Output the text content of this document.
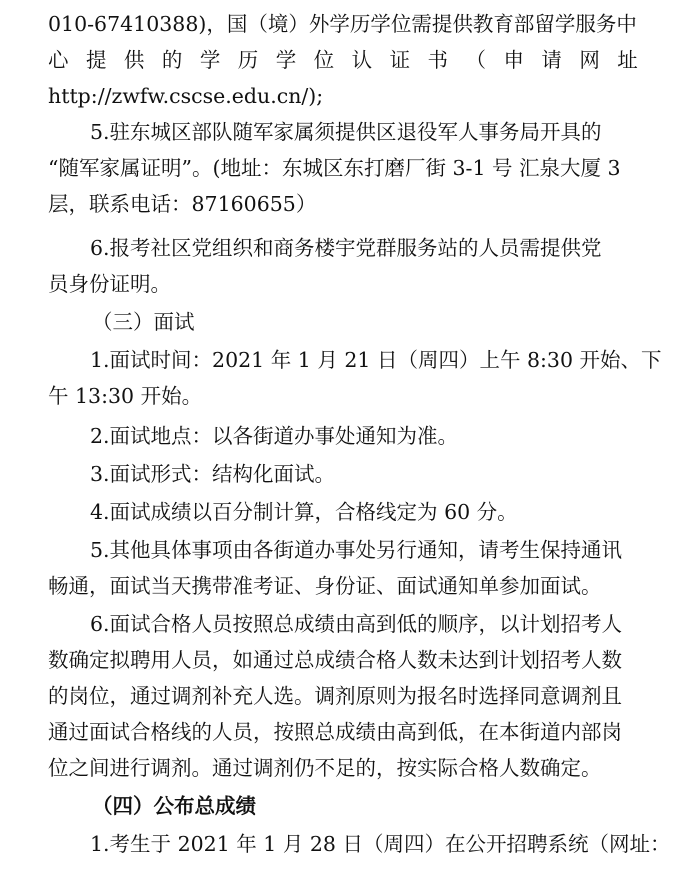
010-67410388)，国（境）外学历学位需提供教育部留学服务中
心 提 供 的 学 历 学 位 认 证 书 （ 申 请 网 址
http://zwfw.cscse.edu.cn/);
5.驻东城区部队随军家属须提供区退役军人事务局开具的
“随军家属证明”。(地址：东城区东打磨厂街 3-1 号 汇泉大厦 3
层，联系电话：87160655）
6.报考社区党组织和商务楼宇党群服务站的人员需提供党
员身份证明。
（三）面试
1.面试时间：2021 年 1 月 21 日（周四）上午 8:30 开始、下
午 13:30 开始。
2.面试地点：以各街道办事处通知为准。
3.面试形式：结构化面试。
4.面试成绩以百分制计算，合格线定为 60 分。
5.其他具体事项由各街道办事处另行通知，请考生保持通讯
畅通，面试当天携带准考证、身份证、面试通知单参加面试。
6.面试合格人员按照总成绩由高到低的顺序，以计划招考人
数确定拟聘用人员，如通过总成绩合格人数未达到计划招考人数
的岗位，通过调剂补充人选。调剂原则为报名时选择同意调剂且
通过面试合格线的人员，按照总成绩由高到低，在本街道内部岗
位之间进行调剂。通过调剂仍不足的，按实际合格人数确定。
（四）公布总成绩
1.考生于 2021 年 1 月 28 日（周四）在公开招聘系统（网址：
